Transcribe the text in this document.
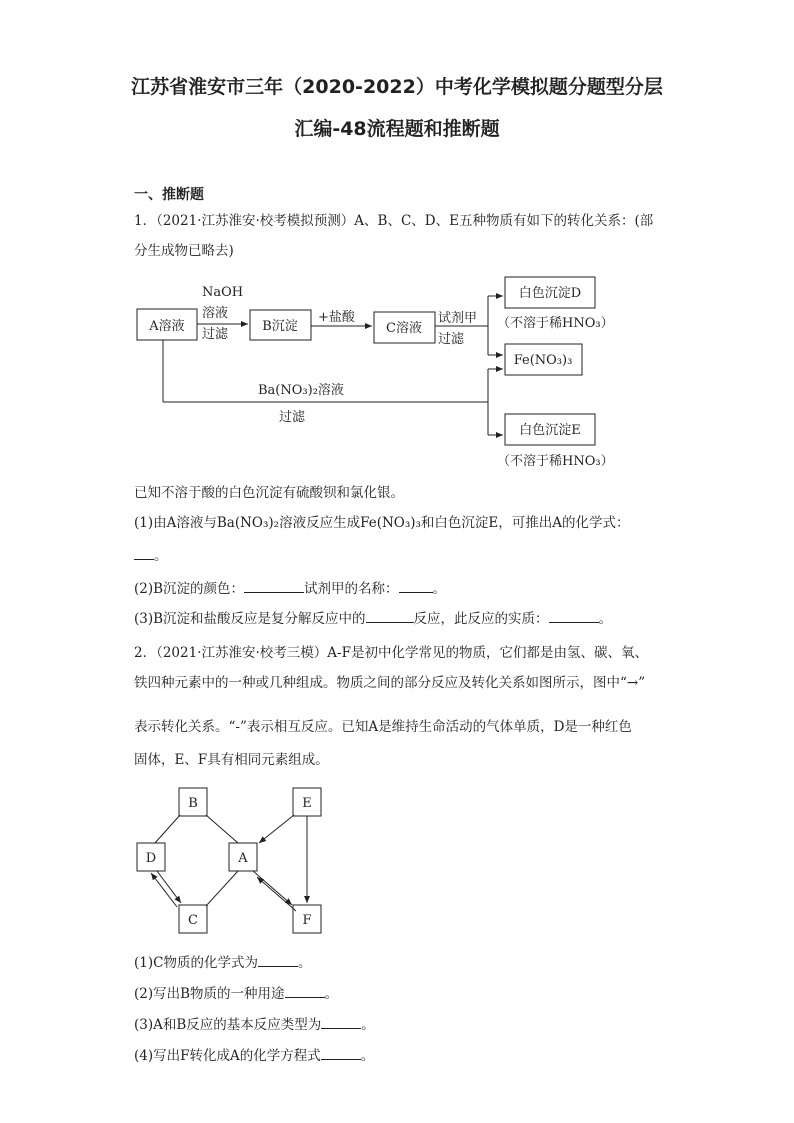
江苏省淮安市三年（2020-2022）中考化学模拟题分题型分层
汇编-48流程题和推断题
一、推断题
1．（2021·江苏淮安·校考模拟预测）A、B、C、D、E五种物质有如下的转化关系：(部
分生成物已略去)
A溶液	B沉淀	C溶液
白色沉淀D
Fe(NO₃)₃
白色沉淀E
NaOH
溶液
过滤
+盐酸	试剂甲
过滤
（不溶于稀HNO₃）
Ba(NO₃)₂溶液
过滤
（不溶于稀HNO₃）
已知不溶于酸的白色沉淀有硫酸钡和氯化银。
(1)由A溶液与Ba(NO₃)₂溶液反应生成Fe(NO₃)₃和白色沉淀E，可推出A的化学式：
。
(2)B沉淀的颜色：	试剂甲的名称：	。
(3)B沉淀和盐酸反应是复分解反应中的	反应，此反应的实质：	。
2．（2021·江苏淮安·校考三模）A-F是初中化学常见的物质，它们都是由氢、碳、氧、
铁四种元素中的一种或几种组成。物质之间的部分反应及转化关系如图所示，图中“→”
表示转化关系。“-”表示相互反应。已知A是维持生命活动的气体单质，D是一种红色
固体，E、F具有相同元素组成。
B	E
D	A
C	F
(1)C物质的化学式为	。
(2)写出B物质的一种用途	。
(3)A和B反应的基本反应类型为	。
(4)写出F转化成A的化学方程式	。
